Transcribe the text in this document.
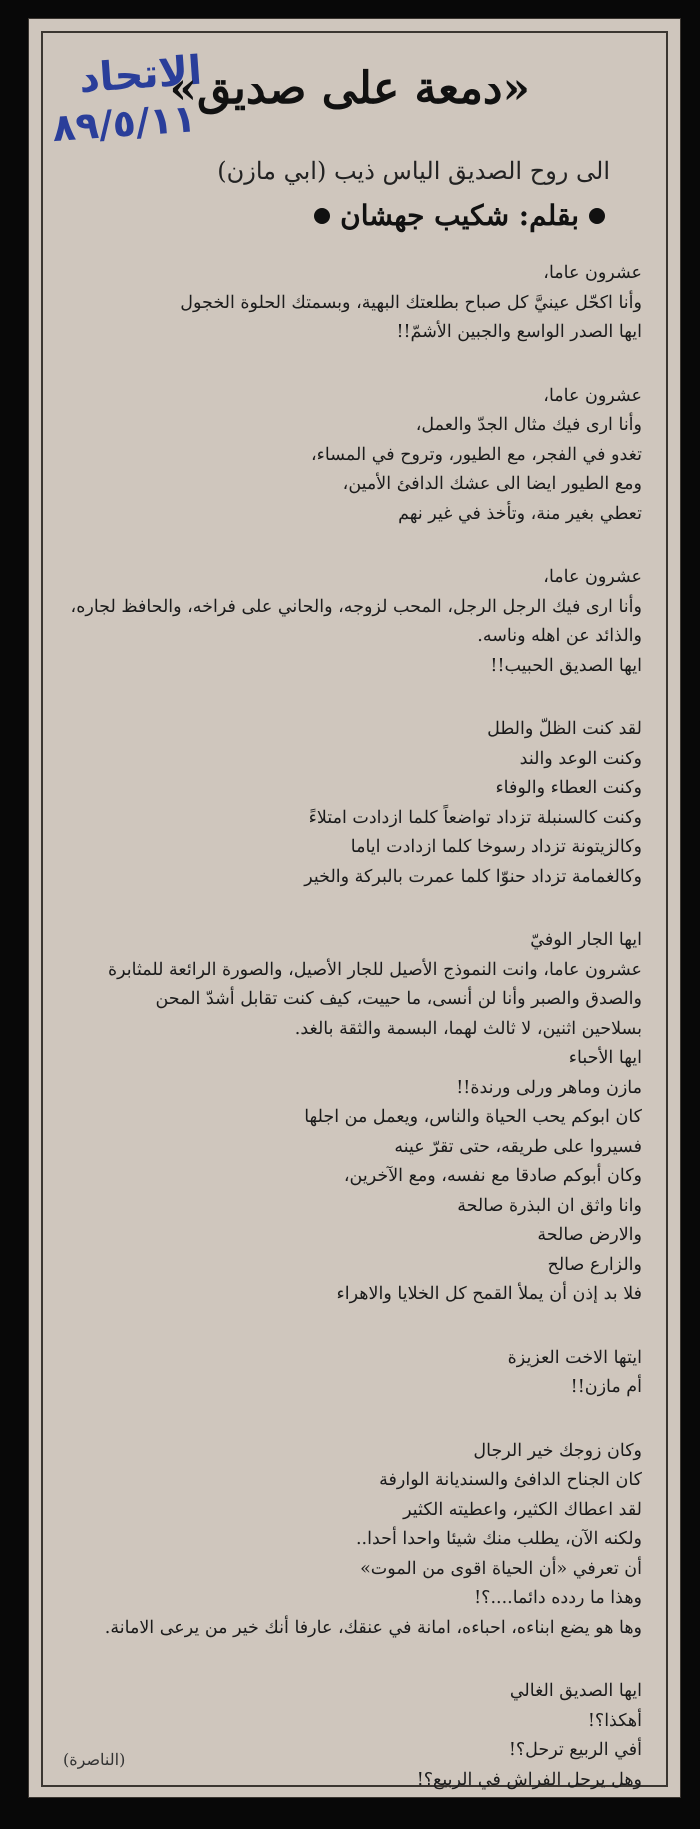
الاتحاد
٨٩/٥/١١
«دمعة على صديق»
الى روح الصديق الياس ذيب (ابي مازن)
بقلم: شكيب جهشان
عشرون عاما،
وأنا اكحّل عينيَّ كل صباح بطلعتك البهية، وبسمتك الحلوة الخجول
ايها الصدر الواسع والجبين الأشمّ!!
عشرون عاما،
وأنا ارى فيك مثال الجدّ والعمل،
تغدو في الفجر، مع الطيور، وتروح في المساء،
ومع الطيور ايضا الى عشك الدافئ الأمين،
تعطي بغير منة، وتأخذ في غير نهم
عشرون عاما،
وأنا ارى فيك الرجل الرجل، المحب لزوجه، والحاني على فراخه، والحافظ لجاره،
والذائد عن اهله وناسه.
ايها الصديق الحبيب!!
لقد كنت الظلّ والطل
وكنت الوعد والند
وكنت العطاء والوفاء
وكنت كالسنبلة تزداد تواضعاً كلما ازدادت امتلاءً
وكالزيتونة تزداد رسوخا كلما ازدادت اياما
وكالغمامة تزداد حنوّا كلما عمرت بالبركة والخير
ايها الجار الوفيّ
عشرون عاما، وانت النموذج الأصيل للجار الأصيل، والصورة الرائعة للمثابرة
والصدق والصبر وأنا لن أنسى، ما حييت، كيف كنت تقابل أشدّ المحن
بسلاحين اثنين، لا ثالث لهما، البسمة والثقة بالغد.
ايها الأحباء
مازن وماهر ورلى ورندة!!
كان ابوكم يحب الحياة والناس، ويعمل من اجلها
فسيروا على طريقه، حتى تقرّ عينه
وكان أبوكم صادقا مع نفسه، ومع الآخرين،
وانا واثق ان البذرة صالحة
والارض صالحة
والزارع صالح
فلا بد إذن أن يملأ القمح كل الخلايا والاهراء
ايتها الاخت العزيزة
أم مازن!!
وكان زوجك خير الرجال
كان الجناح الدافئ والسنديانة الوارفة
لقد اعطاك الكثير، واعطيته الكثير
ولكنه الآن، يطلب منك شيئا واحدا أحدا..
أن تعرفي «أن الحياة اقوى من الموت»
وهذا ما ردده دائما....؟!
وها هو يضع ابناءه، احباءه، امانة في عنقك، عارفا أنك خير من يرعى الامانة.
ايها الصديق الغالي
أهكذا؟!
أفي الربيع ترحل؟!
وهل يرحل الفراش في الربيع؟!
(الناصرة)
